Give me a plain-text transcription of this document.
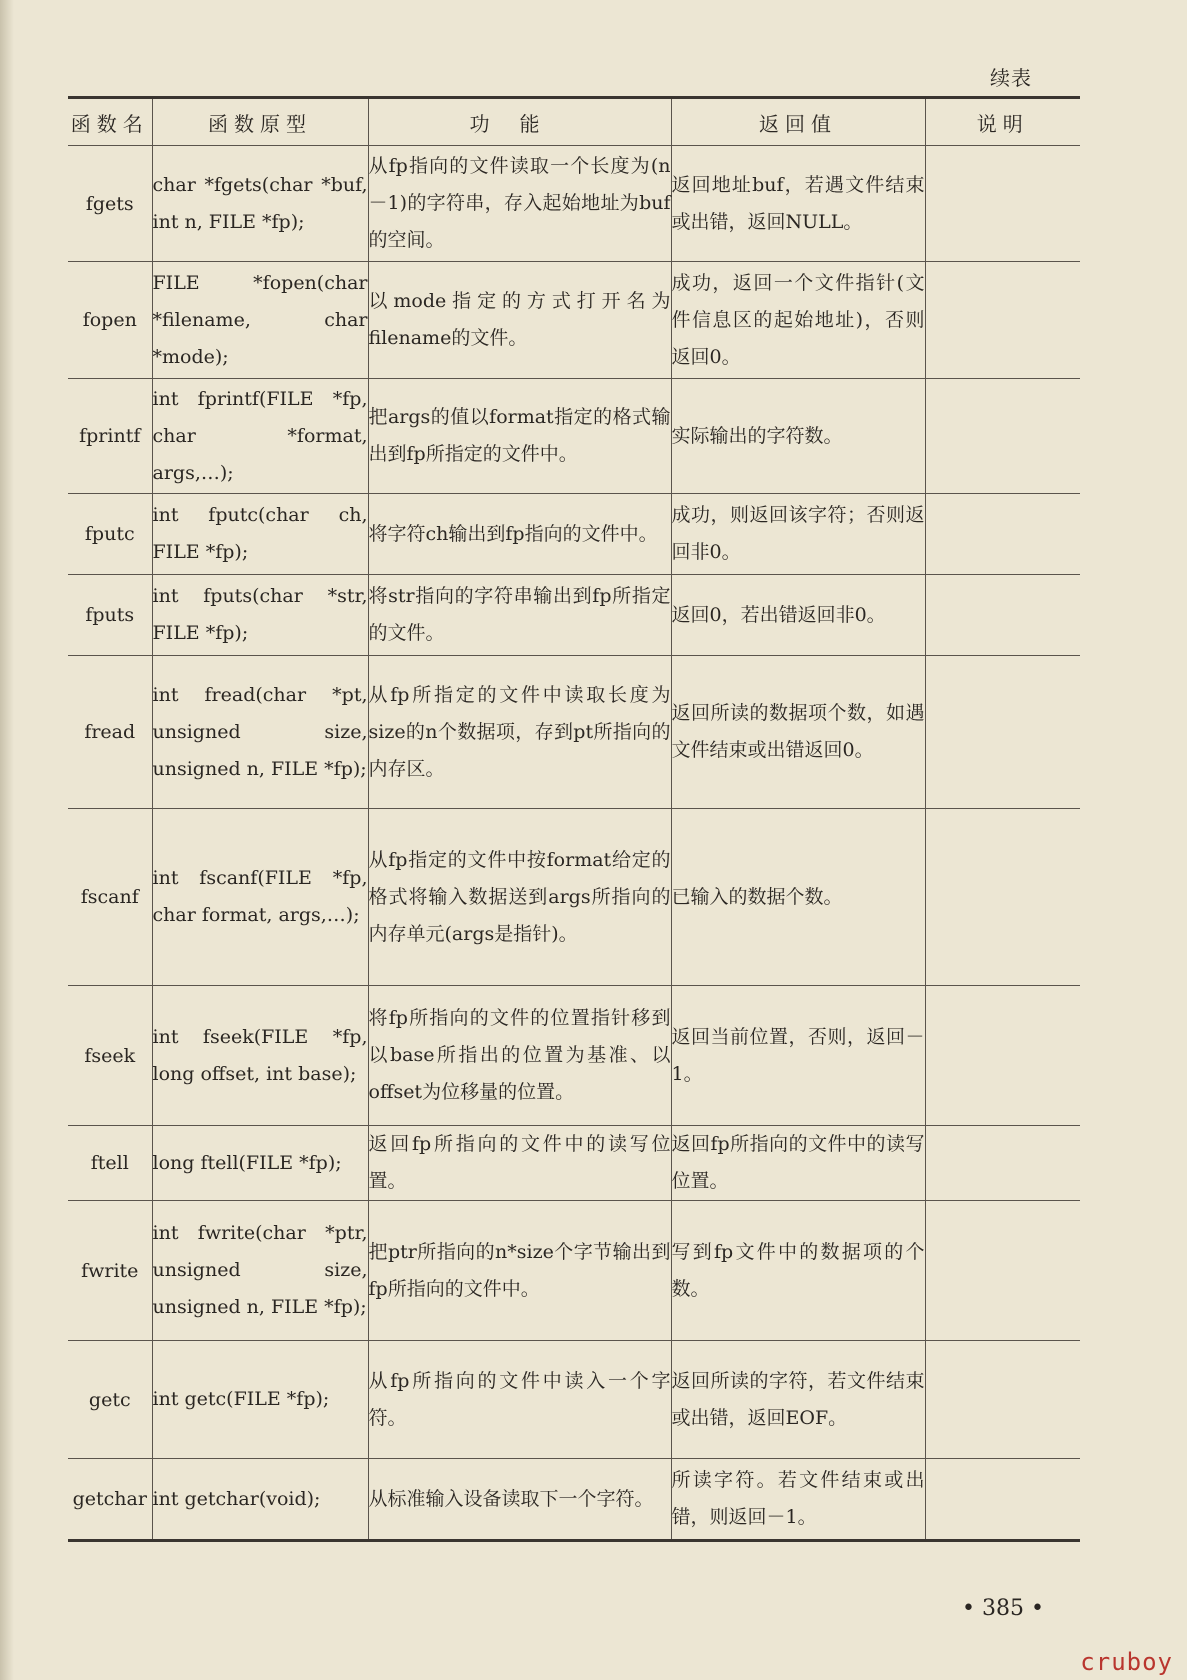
续表
函数名	函数原型	功能	返回值	说明
fgets	char *fgets(char *buf, int n, FILE *fp);	从fp指向的文件读取一个长度为(n－1)的字符串，存入起始地址为buf的空间。	返回地址buf，若遇文件结束或出错，返回NULL。	
fopen	FILE *fopen(char *filename, char *mode);	以mode指定的方式打开名为filename的文件。	成功，返回一个文件指针(文件信息区的起始地址)，否则返回0。	
fprintf	int fprintf(FILE *fp, char *format, args,…);	把args的值以format指定的格式输出到fp所指定的文件中。	实际输出的字符数。	
fputc	int fputc(char ch, FILE *fp);	将字符ch输出到fp指向的文件中。	成功，则返回该字符；否则返回非0。	
fputs	int fputs(char *str, FILE *fp);	将str指向的字符串输出到fp所指定的文件。	返回0，若出错返回非0。	
fread	int fread(char *pt, unsigned size, unsigned n, FILE *fp);	从fp所指定的文件中读取长度为size的n个数据项，存到pt所指向的内存区。	返回所读的数据项个数，如遇文件结束或出错返回0。	
fscanf	int fscanf(FILE *fp, char format, args,…);	从fp指定的文件中按format给定的格式将输入数据送到args所指向的内存单元(args是指针)。	已输入的数据个数。	
fseek	int fseek(FILE *fp, long offset, int base);	将fp所指向的文件的位置指针移到以base所指出的位置为基准、以offset为位移量的位置。	返回当前位置，否则，返回－1。	
ftell	long ftell(FILE *fp);	返回fp所指向的文件中的读写位置。	返回fp所指向的文件中的读写位置。	
fwrite	int fwrite(char *ptr, unsigned size, unsigned n, FILE *fp);	把ptr所指向的n*size个字节输出到fp所指向的文件中。	写到fp文件中的数据项的个数。	
getc	int getc(FILE *fp);	从fp所指向的文件中读入一个字符。	返回所读的字符，若文件结束或出错，返回EOF。	
getchar	int getchar(void);	从标准输入设备读取下一个字符。	所读字符。若文件结束或出错，则返回－1。	
• 385 •
cruboy
